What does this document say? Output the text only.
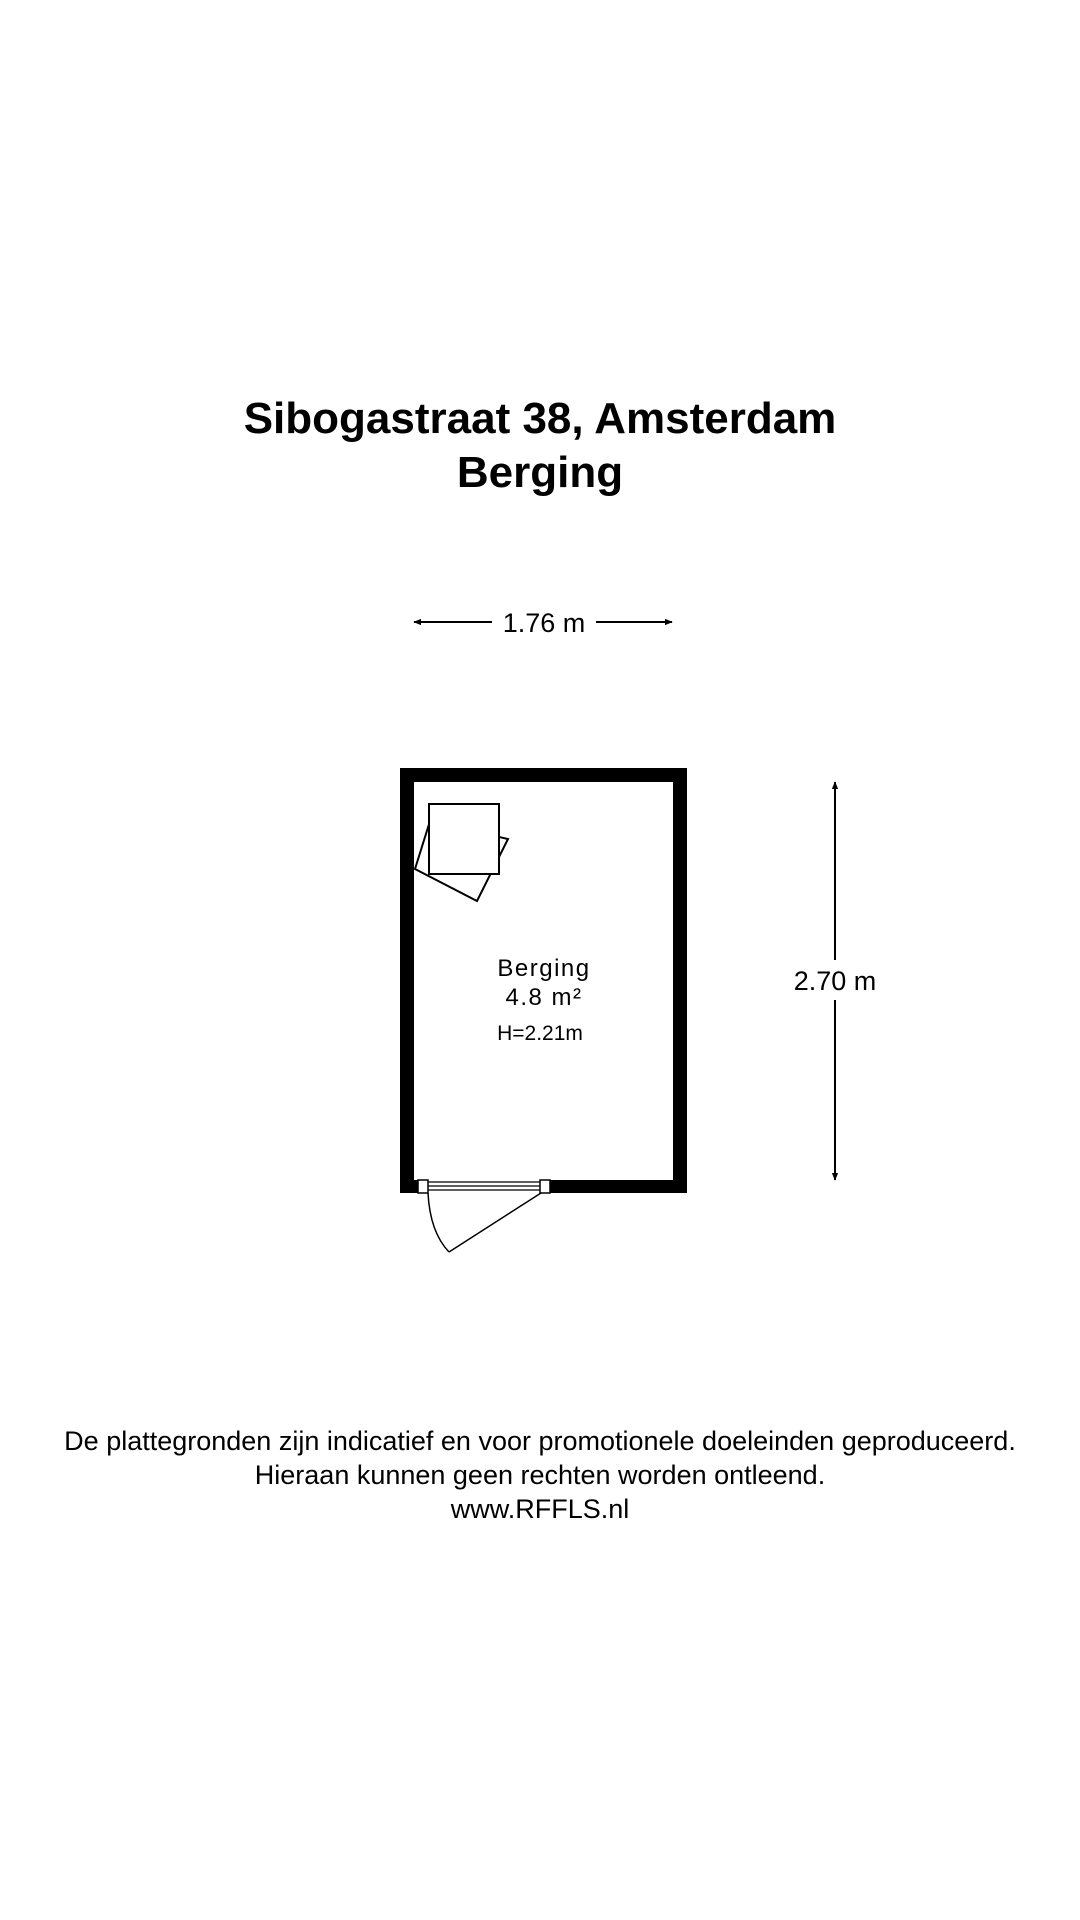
Sibogastraat 38, Amsterdam
Berging
1.76 m
2.70 m
Berging
4.8 m²
H=2.21m

De plattegronden zijn indicatief en voor promotionele doeleinden geproduceerd.

Hieraan kunnen geen rechten worden ontleend.

www.RFFLS.nl
